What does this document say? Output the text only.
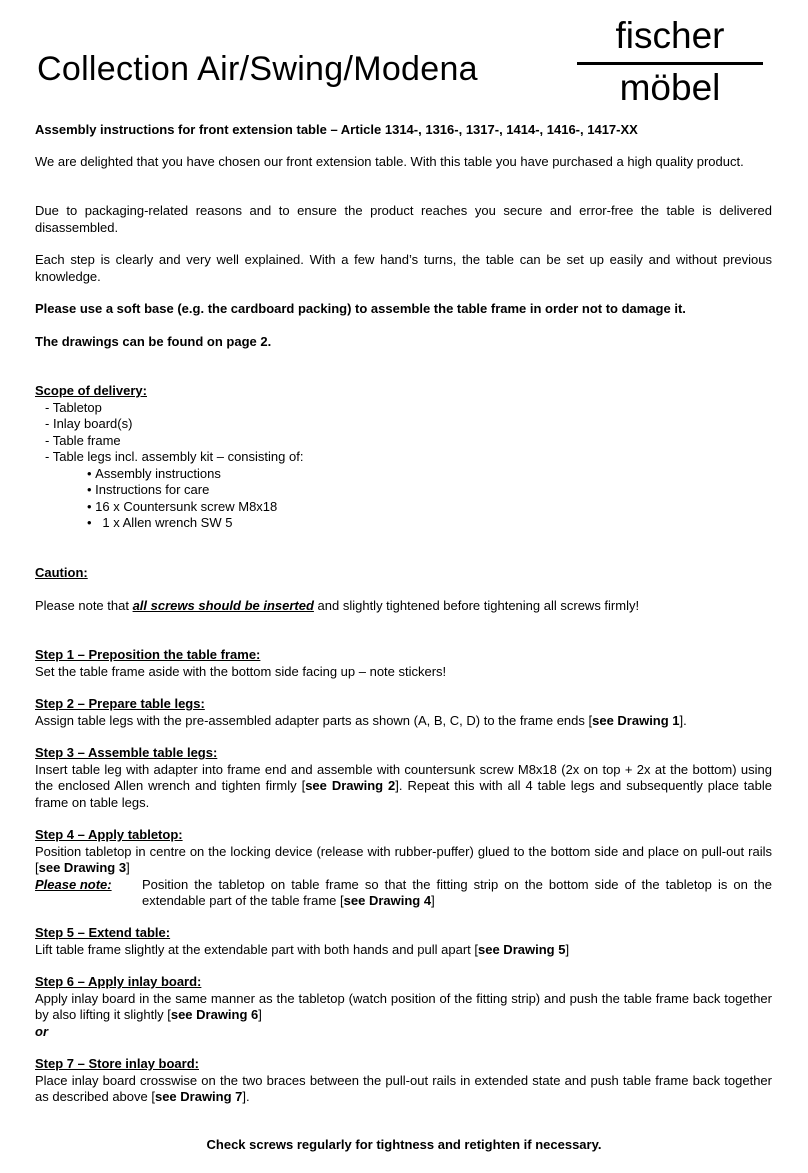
Collection Air/Swing/Modena
fischer
möbel
Assembly instructions for front extension table – Article 1314-, 1316-, 1317-, 1414-, 1416-, 1417-XX
We are delighted that you have chosen our front extension table. With this table you have purchased a high quality product.
Due to packaging-related reasons and to ensure the product reaches you secure and error-free the table is delivered disassembled.
Each step is clearly and very well explained. With a few hand’s turns, the table can be set up easily and without previous knowledge.
Please use a soft base (e.g. the cardboard packing) to assemble the table frame in order not to damage it.
The drawings can be found on page 2.
Scope of delivery:
- Tabletop
- Inlay board(s)
- Table frame
- Table legs incl. assembly kit – consisting of:
• Assembly instructions
• Instructions for care
• 16 x Countersunk screw M8x18
•   1 x Allen wrench SW 5
Caution:
Please note that all screws should be inserted and slightly tightened before tightening all screws firmly!
Step 1 – Preposition the table frame:
Set the table frame aside with the bottom side facing up – note stickers!
Step 2 – Prepare table legs:
Assign table legs with the pre-assembled adapter parts as shown (A, B, C, D) to the frame ends [see Drawing 1].
Step 3 – Assemble table legs:
Insert table leg with adapter into frame end and assemble with countersunk screw M8x18 (2x on top + 2x at the bottom) using the enclosed Allen wrench and tighten firmly [see Drawing 2]. Repeat this with all 4 table legs and subsequently place table frame on table legs.
Step 4 – Apply tabletop:
Position tabletop in centre on the locking device (release with rubber-puffer) glued to the bottom side and place on pull-out rails [see Drawing 3]
Please note:	Position the tabletop on table frame so that the fitting strip on the bottom side of the tabletop is on the extendable part of the table frame [see Drawing 4]
Step 5 – Extend table:
Lift table frame slightly at the extendable part with both hands and pull apart [see Drawing 5]
Step 6 – Apply inlay board:
Apply inlay board in the same manner as the tabletop (watch position of the fitting strip) and push the table frame back together by also lifting it slightly [see Drawing 6]
or
Step 7 – Store inlay board:
Place inlay board crosswise on the two braces between the pull-out rails in extended state and push table frame back together as described above [see Drawing 7].
Check screws regularly for tightness and retighten if necessary.
